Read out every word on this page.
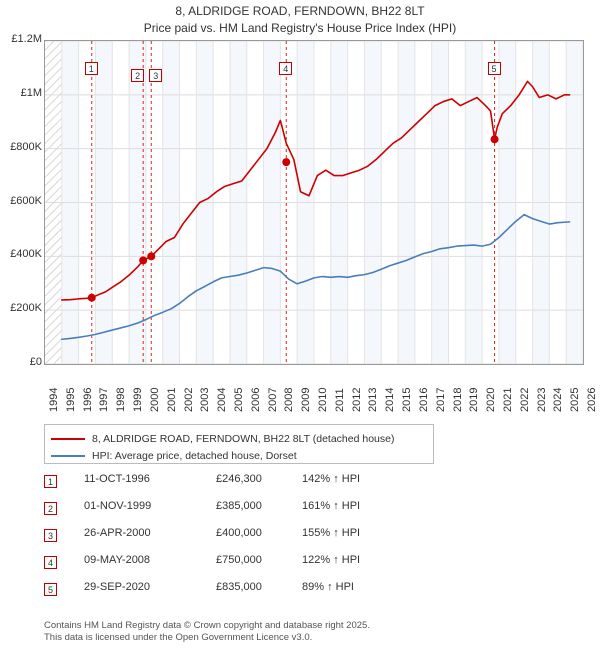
8, ALDRIDGE ROAD, FERNDOWN, BH22 8LT
Price paid vs. HM Land Registry's House Price Index (HPI)
£0
£200K
£400K
£600K
£800K
£1M
£1.2M
1994 1995 1996 1997 1998 1999 2000 2001 2002 2003 2004 2005 2006 2007 2008 2009 2010 2011 2012 2013 2014 2015 2016 2017 2018 2019 2020 2021 2022 2023 2024 2025 2026
8, ALDRIDGE ROAD, FERNDOWN, BH22 8LT (detached house)
HPI: Average price, detached house, Dorset
1	11-OCT-1996	£246,300	142% ↑ HPI
2	01-NOV-1999	£385,000	161% ↑ HPI
3	26-APR-2000	£400,000	155% ↑ HPI
4	09-MAY-2008	£750,000	122% ↑ HPI
5	29-SEP-2020	£835,000	89% ↑ HPI
Contains HM Land Registry data © Crown copyright and database right 2025.
This data is licensed under the Open Government Licence v3.0.
1
2	3
4	5
